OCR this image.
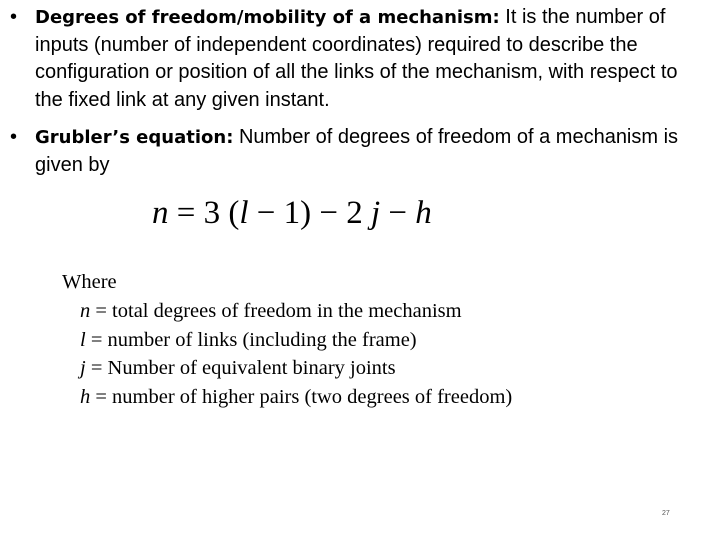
• Degrees of freedom/mobility of a mechanism: It is the number of inputs (number of independent coordinates) required to describe the configuration or position of all the links of the mechanism, with respect to the fixed link at any given instant.
• Grubler’s equation: Number of degrees of freedom of a mechanism is given by
n = 3 (l − 1) − 2 j − h
Where
n = total degrees of freedom in the mechanism
l = number of links (including the frame)
j = Number of equivalent binary joints
h = number of higher pairs (two degrees of freedom)
27
